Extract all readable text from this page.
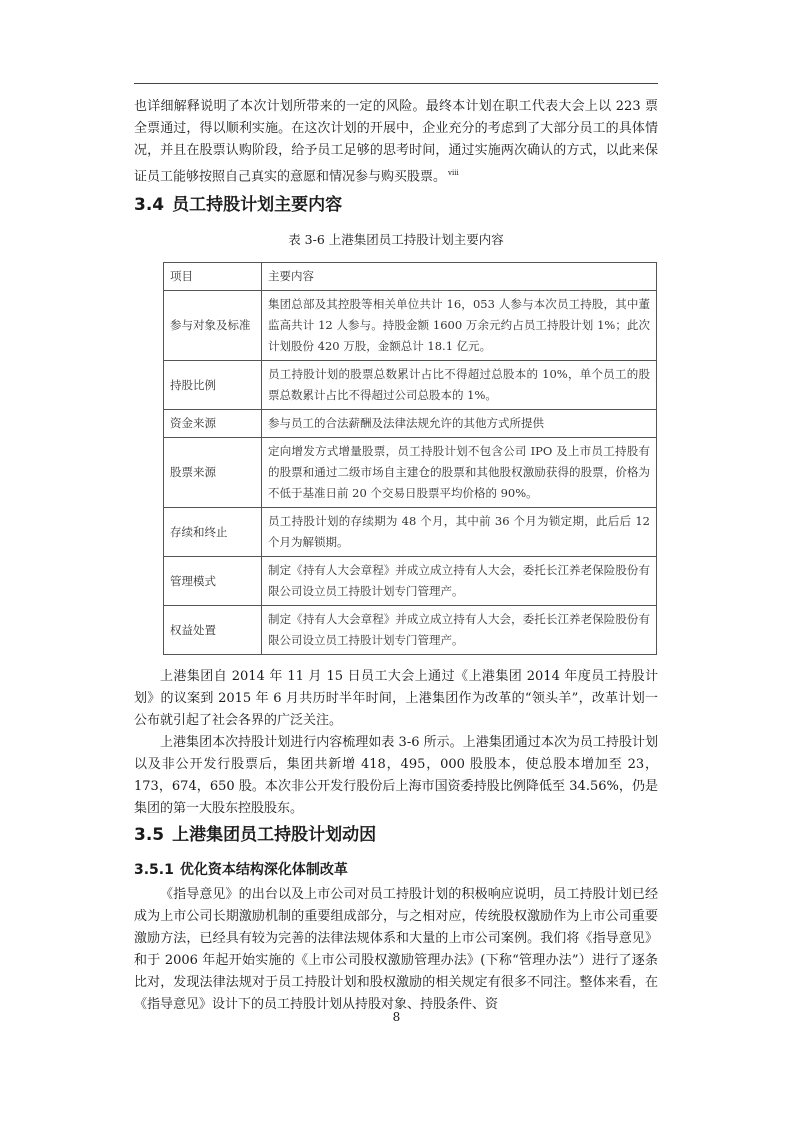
也详细解释说明了本次计划所带来的一定的风险。最终本计划在职工代表大会上以 223 票全票通过，得以顺利实施。在这次计划的开展中，企业充分的考虑到了大部分员工的具体情况，并且在股票认购阶段，给予员工足够的思考时间，通过实施两次确认的方式，以此来保证员工能够按照自己真实的意愿和情况参与购买股票。 $^{viii}$

3.4 员工持股计划主要内容

表 3-6 上港集团员工持股计划主要内容

项目	主要内容
参与对象及标准	集团总部及其控股等相关单位共计 16，053 人参与本次员工持股，其中董监高共计 12 人参与。持股金额 1600 万余元约占员工持股计划 1%；此次计划股份 420 万股，金额总计 18.1 亿元。
持股比例	员工持股计划的股票总数累计占比不得超过总股本的 10%，单个员工的股票总数累计占比不得超过公司总股本的 1%。
资金来源	参与员工的合法薪酬及法律法规允许的其他方式所提供
股票来源	定向增发方式增量股票，员工持股计划不包含公司 IPO 及上市员工持股有的股票和通过二级市场自主建仓的股票和其他股权激励获得的股票，价格为不低于基准日前 20 个交易日股票平均价格的 90%。
存续和终止	员工持股计划的存续期为 48 个月，其中前 36 个月为锁定期，此后后 12 个月为解锁期。
管理模式	制定《持有人大会章程》并成立成立持有人大会，委托长江养老保险股份有限公司设立员工持股计划专门管理产。
权益处置	制定《持有人大会章程》并成立成立持有人大会，委托长江养老保险股份有限公司设立员工持股计划专门管理产。

上港集团自 2014 年 11 月 15 日员工大会上通过《上港集团 2014 年度员工持股计划》的议案到 2015 年 6 月共历时半年时间，上港集团作为改革的“领头羊”，改革计划一公布就引起了社会各界的广泛关注。

上港集团本次持股计划进行内容梳理如表 3-6 所示。上港集团通过本次为员工持股计划以及非公开发行股票后，集团共新增 418，495，000 股股本，使总股本增加至 23，173，674，650 股。本次非公开发行股份后上海市国资委持股比例降低至 34.56%，仍是集团的第一大股东控股股东。

3.5 上港集团员工持股计划动因
3.5.1 优化资本结构深化体制改革

《指导意见》的出台以及上市公司对员工持股计划的积极响应说明，员工持股计划已经成为上市公司长期激励机制的重要组成部分，与之相对应，传统股权激励作为上市公司重要激励方法，已经具有较为完善的法律法规体系和大量的上市公司案例。我们将《指导意见》和于 2006 年起开始实施的《上市公司股权激励管理办法》(下称“管理办法”）进行了逐条比对，发现法律法规对于员工持股计划和股权激励的相关规定有很多不同注。整体来看，在《指导意见》设计下的员工持股计划从持股对象、持股条件、资

8
